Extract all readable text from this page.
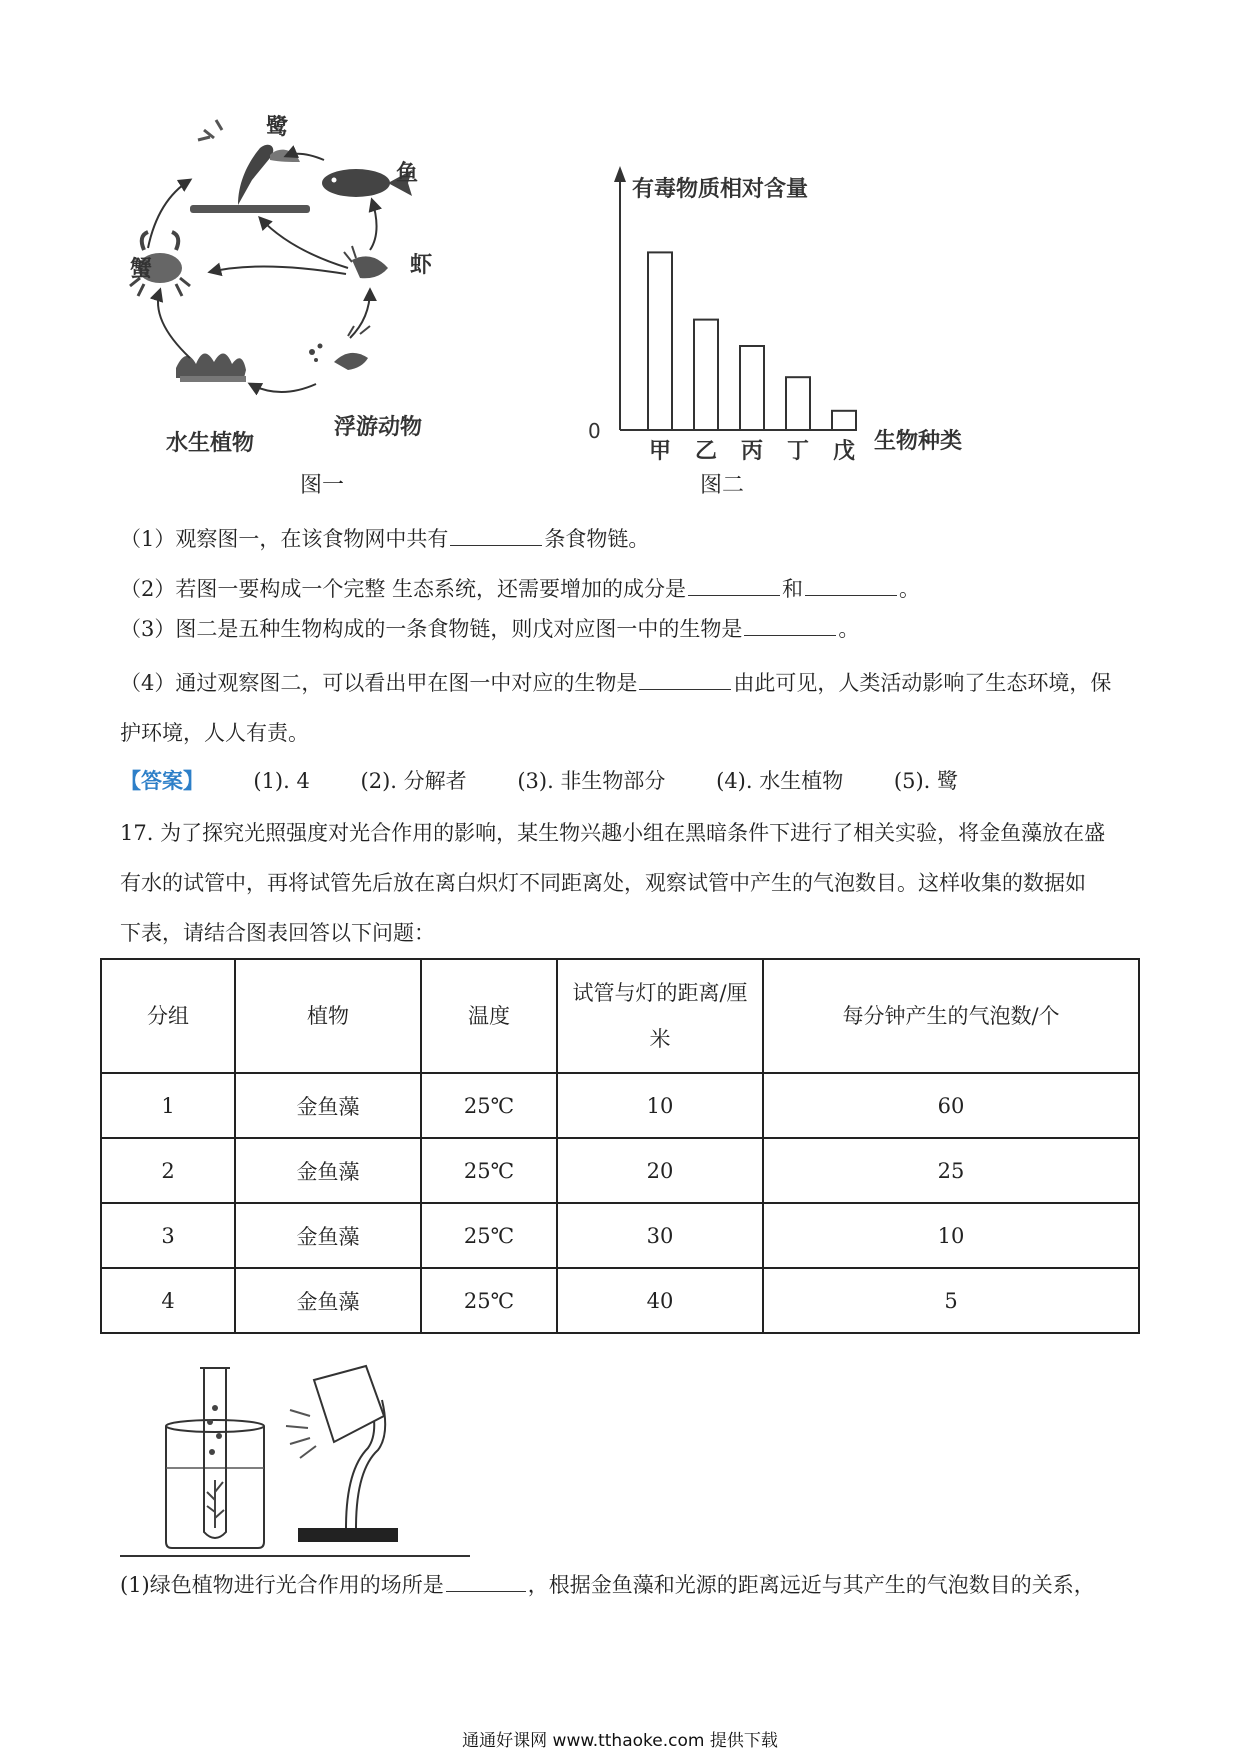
鹭
鱼
蟹	虾
水生植物
浮游动物
图一
有毒物质相对含量
0	生物种类
甲 乙 丙 丁 戊
图二
（1）观察图一，在该食物网中共有	条食物链。
（2）若图一要构成一个完整 生态系统，还需要增加的成分是	和	。
（3）图二是五种生物构成的一条食物链，则戊对应图一中的生物是	。
（4）通过观察图二，可以看出甲在图一中对应的生物是	由此可见，人类活动影响了生态环境，保
护环境，人人有责。
【答案】 (1). 4 (2). 分解者 (3). 非生物部分 (4). 水生植物 (5). 鹭
17. 为了探究光照强度对光合作用的影响，某生物兴趣小组在黑暗条件下进行了相关实验，将金鱼藻放在盛
有水的试管中，再将试管先后放在离白炽灯不同距离处，观察试管中产生的气泡数目。这样收集的数据如
下表，请结合图表回答以下问题：
分组	植物	温度	试管与灯的距离/厘米	每分钟产生的气泡数/个
1	金鱼藻	25℃	10	60
2	金鱼藻	25℃	20	25
3	金鱼藻	25℃	30	10
4	金鱼藻	25℃	40	5
(1)绿色植物进行光合作用的场所是	，根据金鱼藻和光源的距离远近与其产生的气泡数目的关系，
通通好课网 www.tthaoke.com 提供下载
